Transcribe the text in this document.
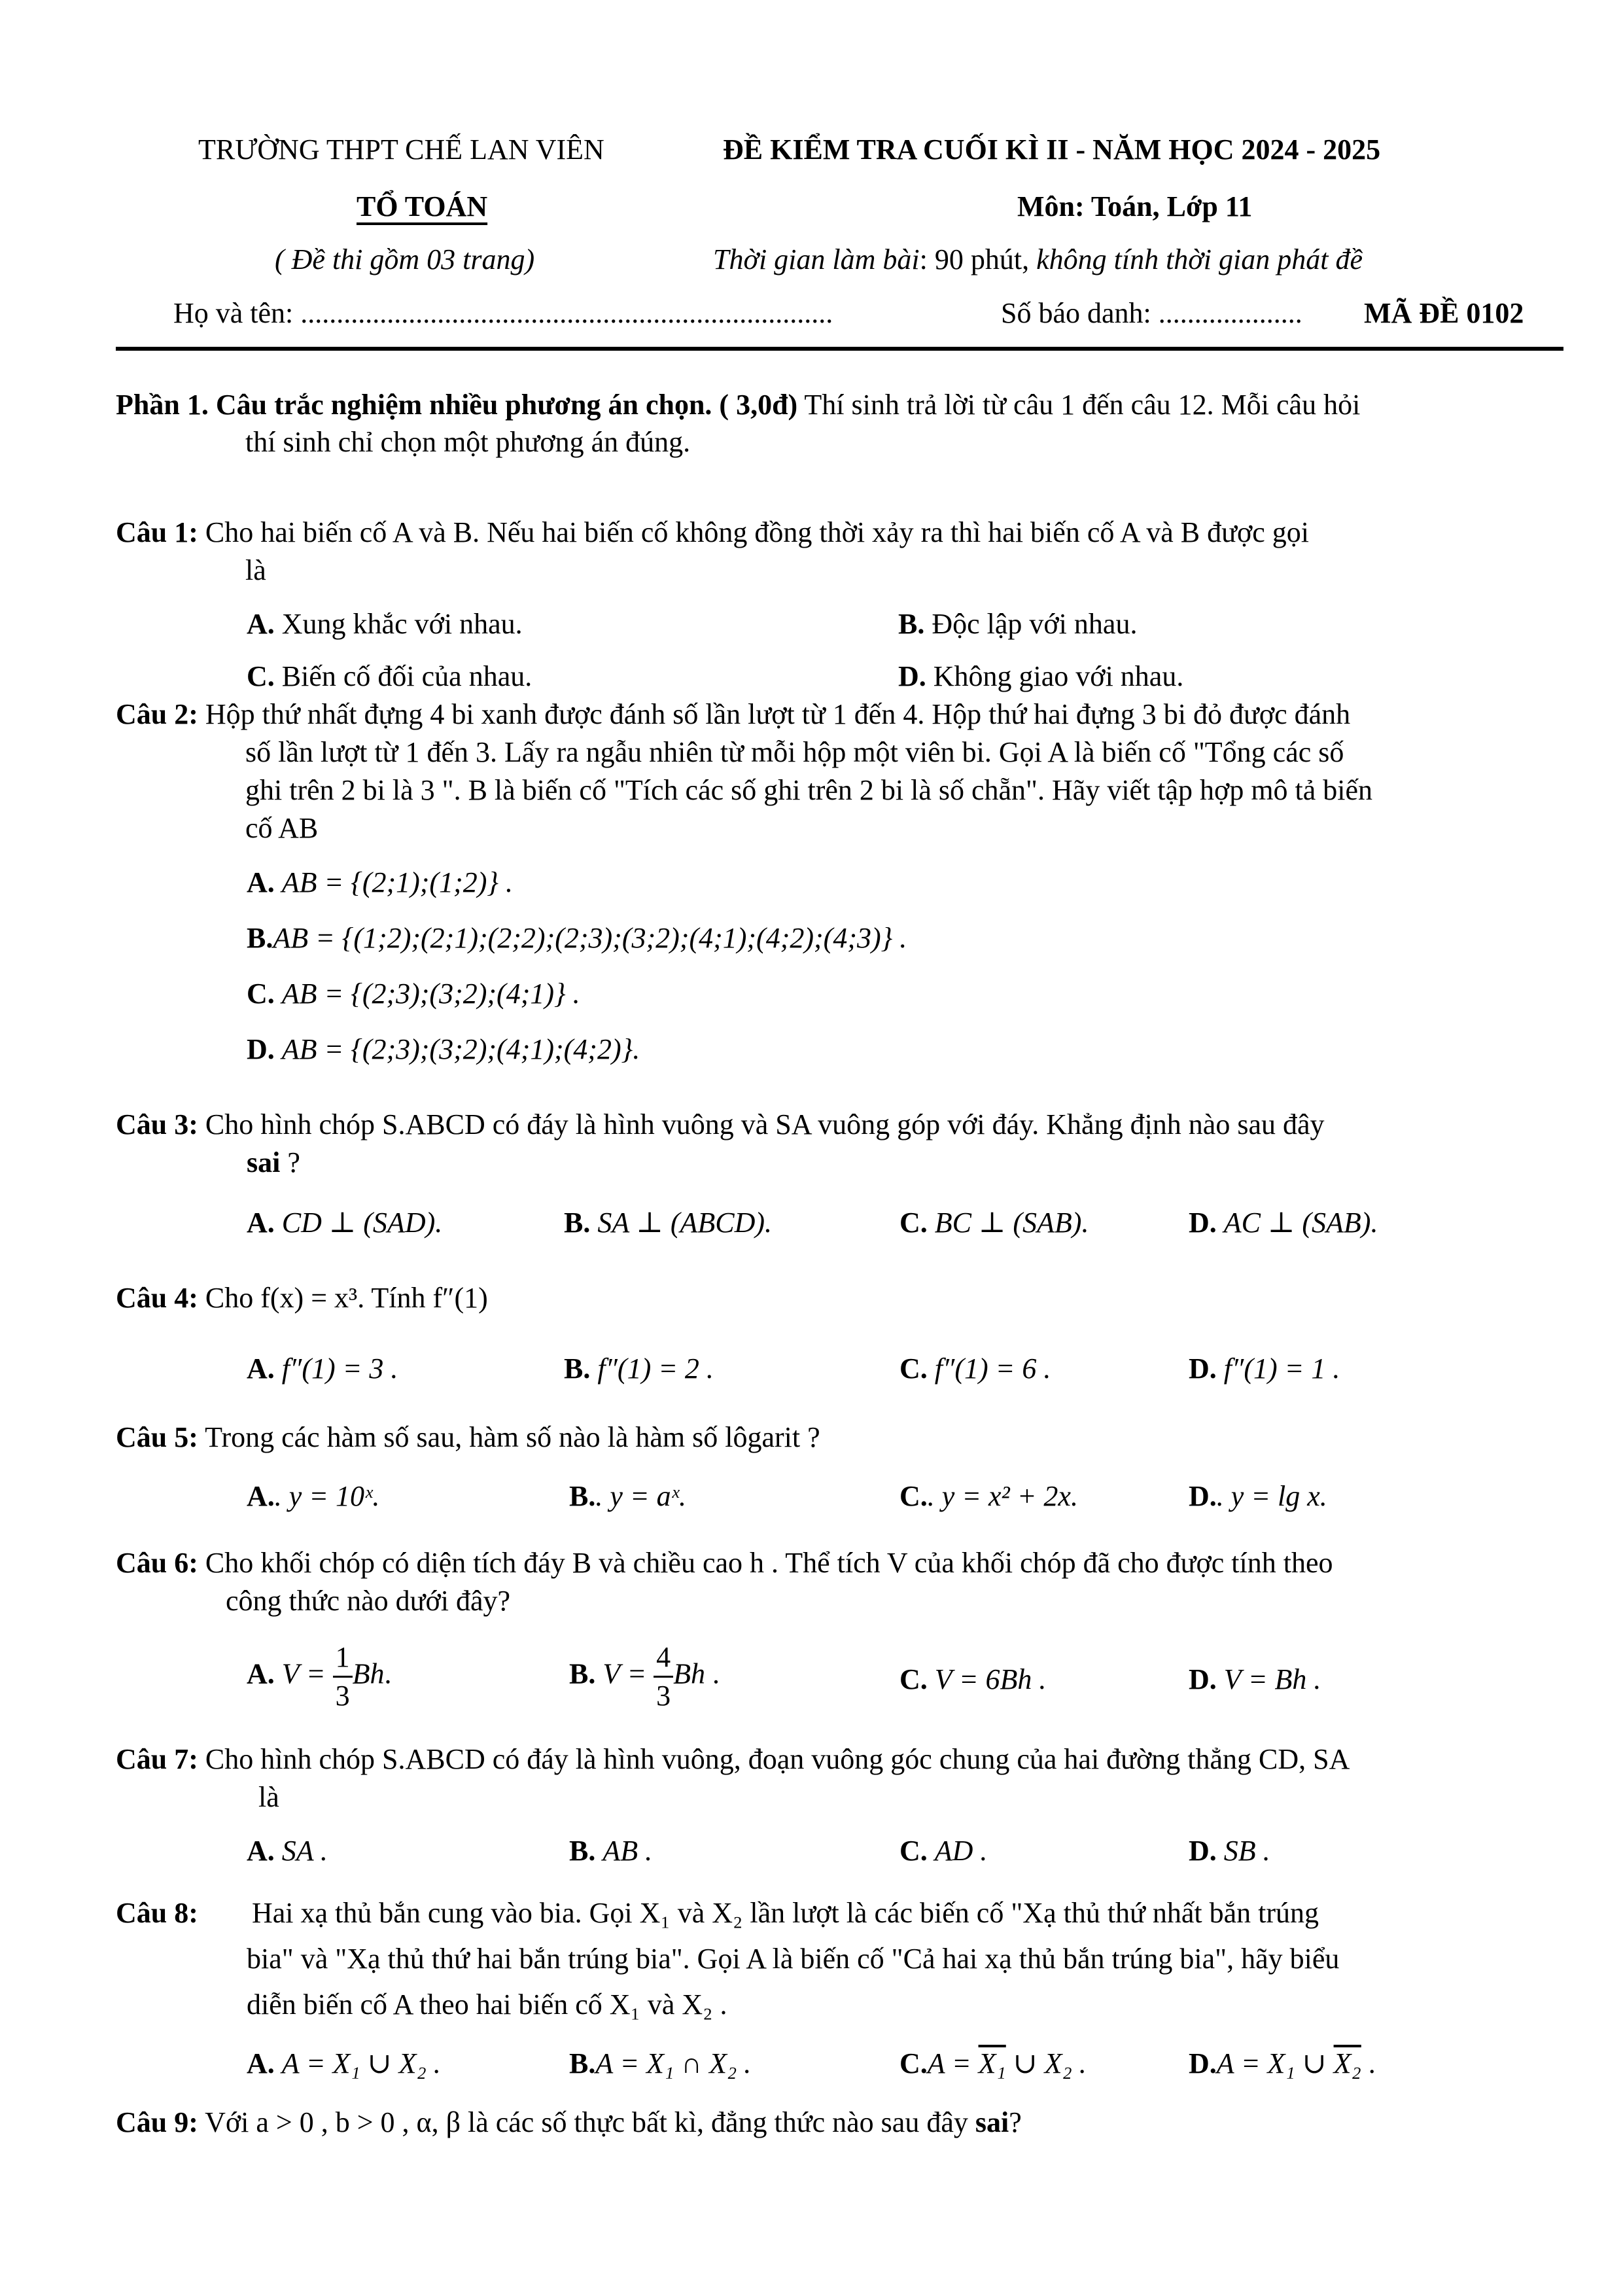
TRƯỜNG THPT CHẾ LAN VIÊN	ĐỀ KIỂM TRA CUỐI KÌ II - NĂM HỌC 2024 - 2025
TỔ TOÁN	Môn: Toán, Lớp 11
( Đề thi gồm 03 trang)	Thời gian làm bài: 90 phút, không tính thời gian phát đề
Họ và tên: ..........................................................................	Số báo danh: .................... MÃ ĐỀ 0102
Phần 1. Câu trắc nghiệm nhiều phương án chọn. ( 3,0đ) Thí sinh trả lời từ câu 1 đến câu 12. Mỗi câu hỏi
thí sinh chỉ chọn một phương án đúng.
Câu 1: Cho hai biến cố A và B. Nếu hai biến cố không đồng thời xảy ra thì hai biến cố A và B được gọi
là
A. Xung khắc với nhau.	B. Độc lập với nhau.
C. Biến cố đối của nhau.	D. Không giao với nhau.
Câu 2: Hộp thứ nhất đựng 4 bi xanh được đánh số lần lượt từ 1 đến 4. Hộp thứ hai đựng 3 bi đỏ được đánh
số lần lượt từ 1 đến 3. Lấy ra ngẫu nhiên từ mỗi hộp một viên bi. Gọi A là biến cố "Tổng các số
ghi trên 2 bi là 3 ". B là biến cố "Tích các số ghi trên 2 bi là số chẵn". Hãy viết tập hợp mô tả biến
cố AB
A. AB = {(2;1);(1;2)} .
B.AB = {(1;2);(2;1);(2;2);(2;3);(3;2);(4;1);(4;2);(4;3)} .
C. AB = {(2;3);(3;2);(4;1)} .
D. AB = {(2;3);(3;2);(4;1);(4;2)}.
Câu 3: Cho hình chóp S.ABCD có đáy là hình vuông và SA vuông góp với đáy. Khẳng định nào sau đây
sai ?
A. CD ⊥ (SAD).	B. SA ⊥ (ABCD).	C. BC ⊥ (SAB).	D. AC ⊥ (SAB).
Câu 4: Cho f(x) = x³. Tính f″(1)
A. f″(1) = 3 .	B. f″(1) = 2 .	C. f″(1) = 6 .	D. f″(1) = 1 .
Câu 5: Trong các hàm số sau, hàm số nào là hàm số lôgarit ?
A.. y = 10ˣ.	B.. y = aˣ.	C.. y = x² + 2x.	D.. y = lg x.
Câu 6: Cho khối chóp có diện tích đáy B và chiều cao h . Thể tích V của khối chóp đã cho được tính theo
công thức nào dưới đây?
A. $V = \frac{1}{3} Bh$.	B. $V = \frac{4}{3}$ Bh .	C. V = 6Bh .	D. V = Bh .
Câu 7: Cho hình chóp S.ABCD có đáy là hình vuông, đoạn vuông góc chung của hai đường thẳng CD, SA
là
A. SA .	B. AB .	C. AD .	D. SB .
Câu 8: Hai xạ thủ bắn cung vào bia. Gọi X₁ và X₂ lần lượt là các biến cố "Xạ thủ thứ nhất bắn trúng
bia" và "Xạ thủ thứ hai bắn trúng bia". Gọi A là biến cố "Cả hai xạ thủ bắn trúng bia", hãy biểu
diễn biến cố A theo hai biến cố X₁ và X₂ .
A. A = X₁ ∪ X₂ .	B.A = X₁ ∩ X₂ .	C.A = X₁ ∪ X₂ .	D.A = X₁ ∪ X₂ .
Câu 9: Với a > 0 , b > 0 , α, β là các số thực bất kì, đẳng thức nào sau đây sai?
